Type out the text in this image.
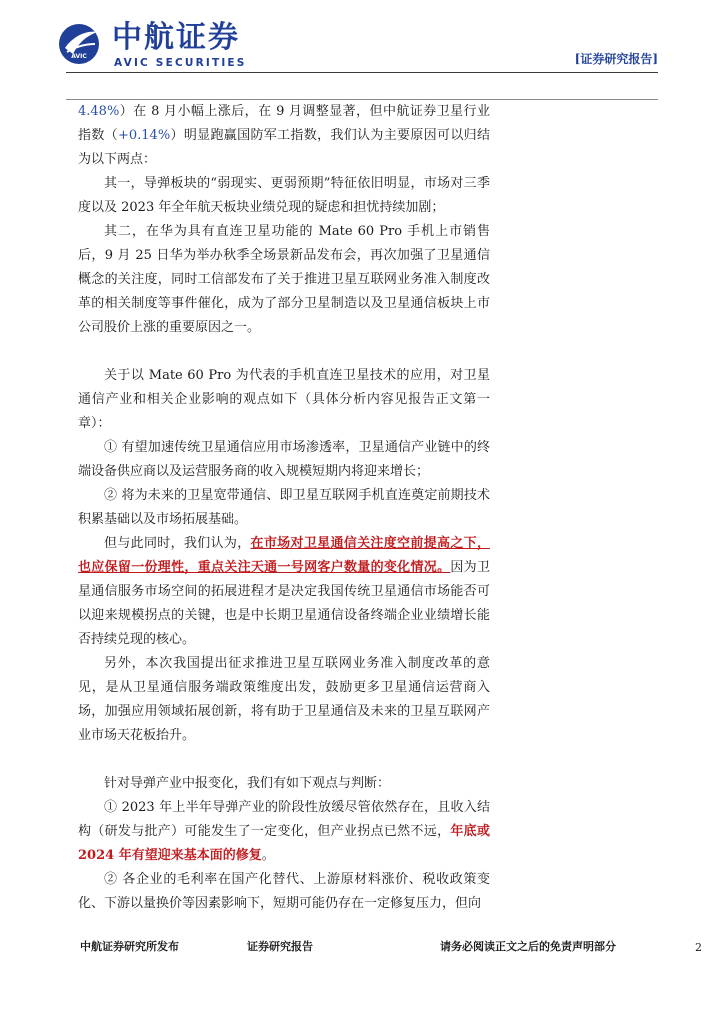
AVIC
中航证券
AVIC SECURITIES	[证券研究报告]

4.48%）在 8 月小幅上涨后，在 9 月调整显著，但中航证券卫星行业指数（+0.14%）明显跑赢国防军工指数，我们认为主要原因可以归结为以下两点：

其一，导弹板块的“弱现实、更弱预期”特征依旧明显，市场对三季度以及 2023 年全年航天板块业绩兑现的疑虑和担忧持续加剧；

其二，在华为具有直连卫星功能的 Mate 60 Pro 手机上市销售后，9 月 25 日华为举办秋季全场景新品发布会，再次加强了卫星通信概念的关注度，同时工信部发布了关于推进卫星互联网业务准入制度改革的相关制度等事件催化，成为了部分卫星制造以及卫星通信板块上市公司股价上涨的重要原因之一。

关于以 Mate 60 Pro 为代表的手机直连卫星技术的应用，对卫星通信产业和相关企业影响的观点如下（具体分析内容见报告正文第一章）：

① 有望加速传统卫星通信应用市场渗透率，卫星通信产业链中的终端设备供应商以及运营服务商的收入规模短期内将迎来增长；

② 将为未来的卫星宽带通信、即卫星互联网手机直连奠定前期技术积累基础以及市场拓展基础。

但与此同时，我们认为，在市场对卫星通信关注度空前提高之下，也应保留一份理性，重点关注天通一号网客户数量的变化情况。因为卫星通信服务市场空间的拓展进程才是决定我国传统卫星通信市场能否可以迎来规模拐点的关键，也是中长期卫星通信设备终端企业业绩增长能否持续兑现的核心。

另外，本次我国提出征求推进卫星互联网业务准入制度改革的意见，是从卫星通信服务端政策维度出发，鼓励更多卫星通信运营商入场，加强应用领域拓展创新，将有助于卫星通信及未来的卫星互联网产业市场天花板抬升。

针对导弹产业中报变化，我们有如下观点与判断：

① 2023 年上半年导弹产业的阶段性放缓尽管依然存在，且收入结构（研发与批产）可能发生了一定变化，但产业拐点已然不远，年底或 2024 年有望迎来基本面的修复。

② 各企业的毛利率在国产化替代、上游原材料涨价、税收政策变化、下游以量换价等因素影响下，短期可能仍存在一定修复压力，但向

中航证券研究所发布	证券研究报告	请务必阅读正文之后的免责声明部分	2
